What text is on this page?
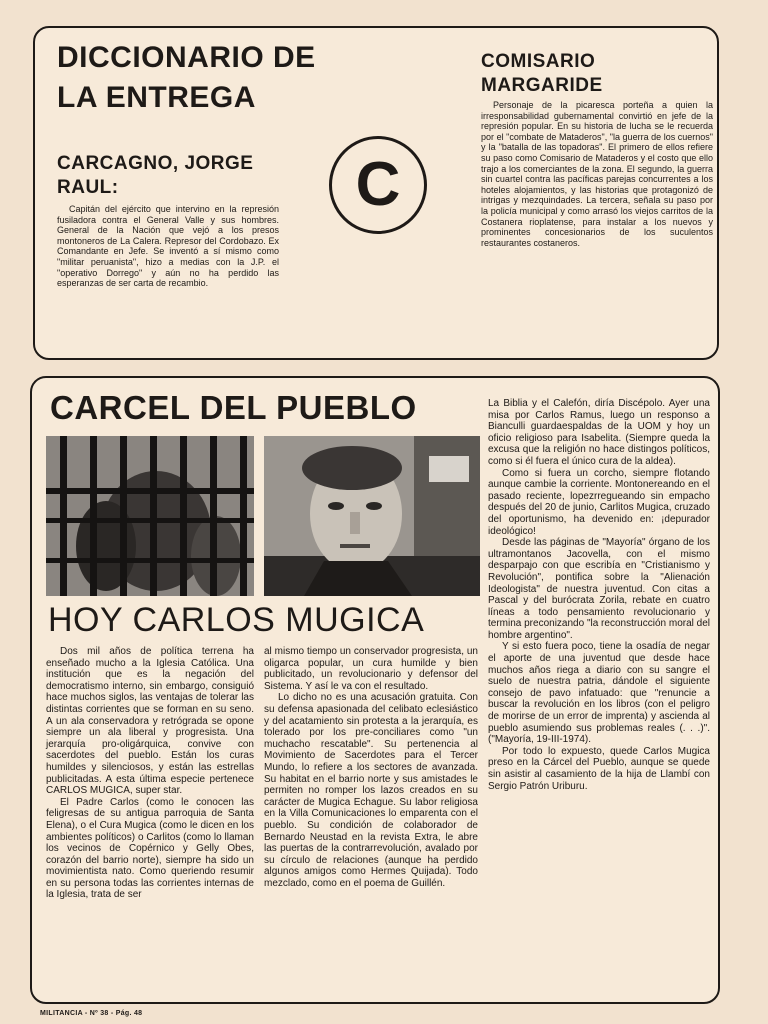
DICCIONARIO DE LA ENTREGA
CARCAGNO, JORGE RAUL:

Capitán del ejército que intervino en la represión fusiladora contra el General Valle y sus hombres. General de la Nación que vejó a los presos montoneros de La Calera. Represor del Cordobazo. Ex Comandante en Jefe. Se inventó a sí mismo como "militar peruanista", hizo a medias con la J.P. el "operativo Dorrego" y aún no ha perdido las esperanzas de ser carta de recambio.

C
COMISARIO MARGARIDE

Personaje de la picaresca porteña a quien la irresponsabilidad gubernamental convirtió en jefe de la represión popular. En su historia de lucha se le recuerda por el "combate de Mataderos", "la guerra de los cuernos" y la "batalla de las topadoras". El primero de ellos refiere su paso como Comisario de Mataderos y el costo que ello trajo a los comerciantes de la zona. El segundo, la guerra sin cuartel contra las pacíficas parejas concurrentes a los hoteles alojamientos, y las historias que protagonizó de intrigas y mezquindades. La tercera, señala su paso por la policía municipal y como arrasó los viejos carritos de la Costanera rioplatense, para instalar a los nuevos y prominentes concesionarios de los suculentos restaurantes costaneros.

CARCEL DEL PUEBLO
HOY CARLOS MUGICA

Dos mil años de política terrena ha enseñado mucho a la Iglesia Católica. Una institución que es la negación del democratismo interno, sin embargo, consiguió hace muchos siglos, las ventajas de tolerar las distintas corrientes que se forman en su seno. A un ala conservadora y retrógrada se opone siempre un ala liberal y progresista. Una jerarquía pro-oligárquica, convive con sacerdotes del pueblo. Están los curas humildes y silenciosos, y están las estrellas publicitadas. A esta última especie pertenece CARLOS MUGICA, super star.

El Padre Carlos (como le conocen las feligresas de su antigua parroquia de Santa Elena), o el Cura Mugica (como le dicen en los ambientes políticos) o Carlitos (como lo llaman los vecinos de Copérnico y Gelly Obes, corazón del barrio norte), siempre ha sido un movimientista nato. Como queriendo resumir en su persona todas las corrientes internas de la Iglesia, trata de ser

al mismo tiempo un conservador progresista, un oligarca popular, un cura humilde y bien publicitado, un revolucionario y defensor del Sistema. Y así le va con el resultado.

Lo dicho no es una acusación gratuita. Con su defensa apasionada del celibato eclesiástico y del acatamiento sin protesta a la jerarquía, es tolerado por los pre-conciliares como "un muchacho rescatable". Su pertenencia al Movimiento de Sacerdotes para el Tercer Mundo, lo refiere a los sectores de avanzada. Su habitat en el barrio norte y sus amistades le permiten no romper los lazos creados en su carácter de Mugica Echague. Su labor religiosa en la Villa Comunicaciones lo emparenta con el pueblo. Su condición de colaborador de Bernardo Neustad en la revista Extra, le abre las puertas de la contrarrevolución, avalado por su círculo de relaciones (aunque ha perdido algunos amigos como Hermes Quijada). Todo mezclado, como en el poema de Guillén.

La Biblia y el Calefón, diría Discépolo. Ayer una misa por Carlos Ramus, luego un responso a Bianculli guardaespaldas de la UOM y hoy un oficio religioso para Isabelita. (Siempre queda la excusa que la religión no hace distingos políticos, como si él fuera el único cura de la aldea).

Como si fuera un corcho, siempre flotando aunque cambie la corriente. Montonereando en el pasado reciente, lopezrregueando sin empacho después del 20 de junio, Carlitos Mugica, cruzado del oportunismo, ha devenido en: ¡depurador ideológico!

Desde las páginas de "Mayoría" órgano de los ultramontanos Jacovella, con el mismo desparpajo con que escribía en "Cristianismo y Revolución", pontifica sobre la "Alienación Ideologista" de nuestra juventud. Con citas a Pascal y del burócrata Zorila, rebate en cuatro líneas a todo pensamiento revolucionario y termina preconizando "la reconstrucción moral del hombre argentino".

Y si esto fuera poco, tiene la osadía de negar el aporte de una juventud que desde hace muchos años riega a diario con su sangre el suelo de nuestra patria, dándole el siguiente consejo de pavo infatuado: que "renuncie a buscar la revolución en los libros (con el peligro de morirse de un error de imprenta) y ascienda al pueblo asumiendo sus problemas reales (. . .)". ("Mayoría, 19-III-1974).

Por todo lo expuesto, quede Carlos Mugica preso en la Cárcel del Pueblo, aunque se quede sin asistir al casamiento de la hija de Llambí con Sergio Patrón Uriburu.

MILITANCIA - Nº 38 - Pág. 48
